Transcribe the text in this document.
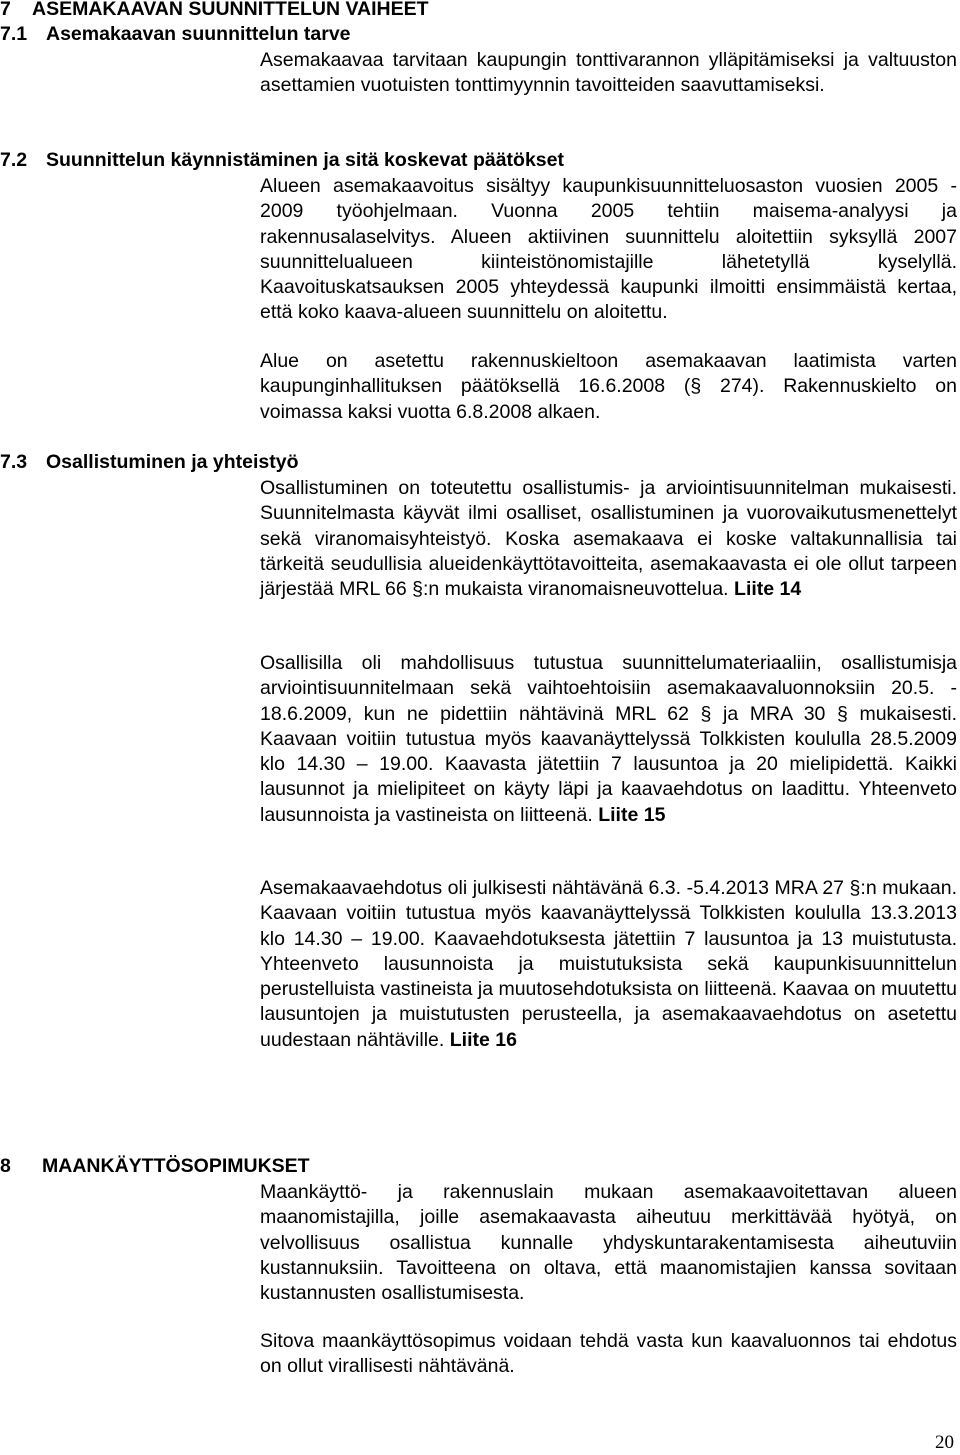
7 ASEMAKAAVAN SUUNNITTELUN VAIHEET
7.1 Asemakaavan suunnittelun tarve

Asemakaavaa tarvitaan kaupungin tonttivarannon ylläpitämiseksi ja valtuuston asettamien vuotuisten tonttimyynnin tavoitteiden saavuttamiseksi.

7.2 Suunnittelun käynnistäminen ja sitä koskevat päätökset

Alueen asemakaavoitus sisältyy kaupunkisuunnitteluosaston vuosien 2005 - 2009 työohjelmaan. Vuonna 2005 tehtiin maisema-analyysi ja rakennusalaselvitys. Alueen aktiivinen suunnittelu aloitettiin syksyllä 2007 suunnittelualueen kiinteistönomistajille lähetetyllä kyselyllä. Kaavoituskatsauksen 2005 yhteydessä kaupunki ilmoitti ensimmäistä kertaa, että koko kaava-alueen suunnittelu on aloitettu.

Alue on asetettu rakennuskieltoon asemakaavan laatimista varten kaupunginhallituksen päätöksellä 16.6.2008 (§ 274). Rakennuskielto on voimassa kaksi vuotta 6.8.2008 alkaen.

7.3 Osallistuminen ja yhteistyö

Osallistuminen on toteutettu osallistumis- ja arviointisuunnitelman mukaisesti. Suunnitelmasta käyvät ilmi osalliset, osallistuminen ja vuorovaikutusmenettelyt sekä viranomaisyhteistyö. Koska asemakaava ei koske valtakunnallisia tai tärkeitä seudullisia alueidenkäyttötavoitteita, asemakaavasta ei ole ollut tarpeen järjestää MRL 66 §:n mukaista viranomaisneuvottelua. Liite 14

Osallisilla oli mahdollisuus tutustua suunnittelumateriaaliin, osallistumisja arviointisuunnitelmaan sekä vaihtoehtoisiin asemakaavaluonnoksiin 20.5. - 18.6.2009, kun ne pidettiin nähtävinä MRL 62 § ja MRA 30 § mukaisesti. Kaavaan voitiin tutustua myös kaavanäyttelyssä Tolkkisten koululla 28.5.2009 klo 14.30 – 19.00. Kaavasta jätettiin 7 lausuntoa ja 20 mielipidettä. Kaikki lausunnot ja mielipiteet on käyty läpi ja kaavaehdotus on laadittu. Yhteenveto lausunnoista ja vastineista on liitteenä. Liite 15

Asemakaavaehdotus oli julkisesti nähtävänä 6.3. -5.4.2013 MRA 27 §:n mukaan. Kaavaan voitiin tutustua myös kaavanäyttelyssä Tolkkisten koululla 13.3.2013 klo 14.30 – 19.00. Kaavaehdotuksesta jätettiin 7 lausuntoa ja 13 muistutusta. Yhteenveto lausunnoista ja muistutuksista sekä kaupunkisuunnittelun perustelluista vastineista ja muutosehdotuksista on liitteenä. Kaavaa on muutettu lausuntojen ja muistutusten perusteella, ja asemakaavaehdotus on asetettu uudestaan nähtäville. Liite 16

8 MAANKÄYTTÖSOPIMUKSET

Maankäyttö- ja rakennuslain mukaan asemakaavoitettavan alueen maanomistajilla, joille asemakaavasta aiheutuu merkittävää hyötyä, on velvollisuus osallistua kunnalle yhdyskuntarakentamisesta aiheutuviin kustannuksiin. Tavoitteena on oltava, että maanomistajien kanssa sovitaan kustannusten osallistumisesta.

Sitova maankäyttösopimus voidaan tehdä vasta kun kaavaluonnos tai ehdotus on ollut virallisesti nähtävänä.

20
